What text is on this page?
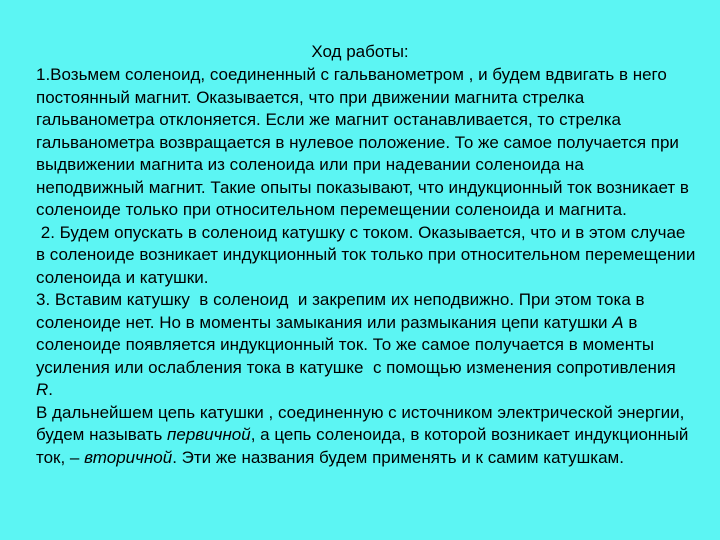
Ход работы:
1.Возьмем соленоид, соединенный с гальванометром , и будем вдвигать в него постоянный магнит. Оказывается, что при движении магнита стрелка гальванометра отклоняется. Если же магнит останавливается, то стрелка гальванометра возвращается в нулевое положение. То же самое получается при выдвижении магнита из соленоида или при надевании соленоида на неподвижный магнит. Такие опыты показывают, что индукционный ток возникает в соленоиде только при относительном перемещении соленоида и магнита.
2. Будем опускать в соленоид катушку с током. Оказывается, что и в этом случае в соленоиде возникает индукционный ток только при относительном перемещении соленоида и катушки.
3. Вставим катушку  в соленоид  и закрепим их неподвижно. При этом тока в соленоиде нет. Но в моменты замыкания или размыкания цепи катушки А в соленоиде появляется индукционный ток. То же самое получается в моменты усиления или ослабления тока в катушке  с помощью изменения сопротивления R.
В дальнейшем цепь катушки , соединенную с источником электрической энергии, будем называть первичной, а цепь соленоида, в которой возникает индукционный ток, – вторичной. Эти же названия будем применять и к самим катушкам.
